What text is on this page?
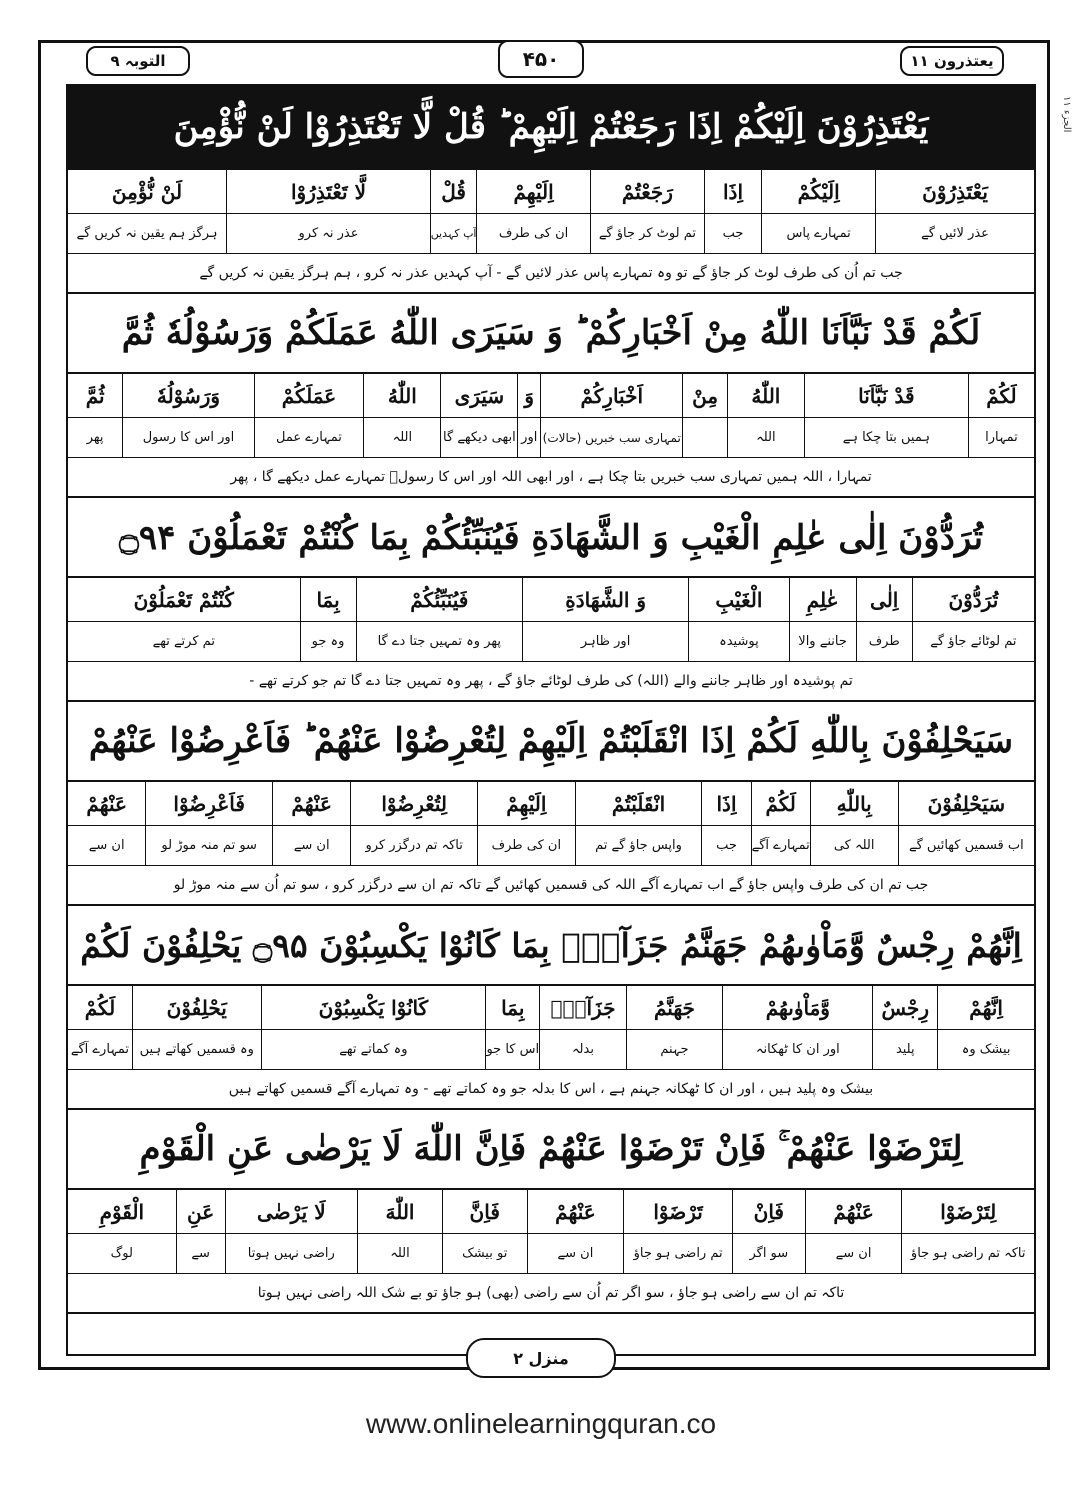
التوبہ ۹	۴۵۰	یعتذرون ۱۱
الجزء ۱۱
یَعْتَذِرُوْنَ اِلَیْكُمْ اِذَا رَجَعْتُمْ اِلَیْهِمْ ؕ قُلْ لَّا تَعْتَذِرُوْا لَنْ نُّؤْمِنَ
یَعْتَذِرُوْنَ
اِلَیْكُمْ
اِذَا
رَجَعْتُمْ
اِلَیْهِمْ
قُلْ
لَّا تَعْتَذِرُوْا
لَنْ نُّؤْمِنَ
عذر لائیں گے
تمہارے پاس
جب
تم لوٹ کر جاؤ گے
ان کی طرف
آپ کہدیں
عذر نہ کرو
ہرگز ہم یقین نہ کریں گے
جب تم اُن کی طرف لوٹ کر جاؤ گے تو وہ تمہارے پاس عذر لائیں گے - آپ کہدیں عذر نہ کرو ، ہم ہرگز یقین نہ کریں گے
لَكُمْ قَدْ نَبَّاَنَا اللّٰهُ مِنْ اَخْبَارِكُمْ ؕ وَ سَیَرَى اللّٰهُ عَمَلَكُمْ وَرَسُوْلُهٗ ثُمَّ
لَكُمْ
قَدْ نَبَّاَنَا
اللّٰهُ
مِنْ
اَخْبَارِكُمْ
وَ
سَیَرَى
اللّٰهُ
عَمَلَكُمْ
وَرَسُوْلُهٗ
ثُمَّ
تمہارا
ہمیں بتا چکا ہے
اللہ
تمہاری سب خبریں (حالات)
اور
ابھی دیکھے گا
اللہ
تمہارے عمل
اور اس کا رسول
پھر
تمہارا ، اللہ ہمیں تمہاری سب خبریں بتا چکا ہے ، اور ابھی اللہ اور اس کا رسولؐ تمہارے عمل دیکھے گا ، پھر
تُرَدُّوْنَ اِلٰى عٰلِمِ الْغَیْبِ وَ الشَّهَادَةِ فَیُنَبِّئُكُمْ بِمَا كُنْتُمْ تَعْمَلُوْنَ ۝۹۴
تُرَدُّوْنَ
اِلٰى
عٰلِمِ
الْغَیْبِ
وَ الشَّهَادَةِ
فَیُنَبِّئُكُمْ
بِمَا
كُنْتُمْ تَعْمَلُوْنَ
تم لوٹائے جاؤ گے
طرف
جاننے والا
پوشیدہ
اور ظاہر
پھر وہ تمہیں جتا دے گا
وہ جو
تم کرتے تھے
تم پوشیدہ اور ظاہر جاننے والے (اللہ) کی طرف لوٹائے جاؤ گے ، پھر وہ تمہیں جتا دے گا تم جو کرتے تھے -
سَیَحْلِفُوْنَ بِاللّٰهِ لَكُمْ اِذَا انْقَلَبْتُمْ اِلَیْهِمْ لِتُعْرِضُوْا عَنْهُمْ ؕ فَاَعْرِضُوْا عَنْهُمْ
سَیَحْلِفُوْنَ
بِاللّٰهِ
لَكُمْ
اِذَا
انْقَلَبْتُمْ
اِلَیْهِمْ
لِتُعْرِضُوْا
عَنْهُمْ
فَاَعْرِضُوْا
عَنْهُمْ
اب قسمیں کھائیں گے
اللہ کی
تمہارے آگے
جب
واپس جاؤ گے تم
ان کی طرف
تاکہ تم درگزر کرو
ان سے
سو تم منہ موڑ لو
ان سے
جب تم ان کی طرف واپس جاؤ گے اب تمہارے آگے اللہ کی قسمیں کھائیں گے تاکہ تم ان سے درگزر کرو ، سو تم اُن سے منہ موڑ لو
اِنَّهُمْ رِجْسٌ وَّمَاْوٰىهُمْ جَهَنَّمُ جَزَآءًۢ بِمَا كَانُوْا یَكْسِبُوْنَ ۝۹۵ یَحْلِفُوْنَ لَكُمْ
اِنَّهُمْ
رِجْسٌ
وَّمَاْوٰىهُمْ
جَهَنَّمُ
جَزَآءًۢ
بِمَا
كَانُوْا یَكْسِبُوْنَ
یَحْلِفُوْنَ
لَكُمْ
بیشک وہ
پلید
اور ان کا ٹھکانہ
جہنم
بدلہ
اس کا جو
وہ کماتے تھے
وہ قسمیں کھاتے ہیں
تمہارے آگے
بیشک وہ پلید ہیں ، اور ان کا ٹھکانہ جہنم ہے ، اس کا بدلہ جو وہ کماتے تھے - وہ تمہارے آگے قسمیں کھاتے ہیں
لِتَرْضَوْا عَنْهُمْ ۚ فَاِنْ تَرْضَوْا عَنْهُمْ فَاِنَّ اللّٰهَ لَا یَرْضٰى عَنِ الْقَوْمِ
لِتَرْضَوْا
عَنْهُمْ
فَاِنْ
تَرْضَوْا
عَنْهُمْ
فَاِنَّ
اللّٰهَ
لَا یَرْضٰى
عَنِ
الْقَوْمِ
تاکہ تم راضی ہو جاؤ
ان سے
سو اگر
تم راضی ہو جاؤ
ان سے
تو بیشک
اللہ
راضی نہیں ہوتا
سے
لوگ
تاکہ تم ان سے راضی ہو جاؤ ، سو اگر تم اُن سے راضی (بھی) ہو جاؤ تو بے شک اللہ راضی نہیں ہوتا
منزل ۲
www.onlinelearningquran.co
